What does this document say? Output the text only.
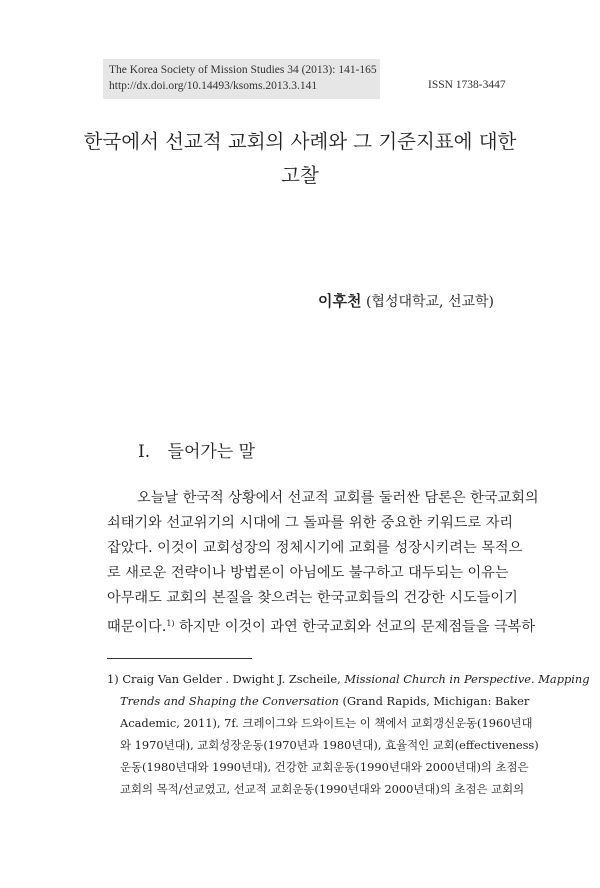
The Korea Society of Mission Studies 34 (2013): 141-165
http://dx.doi.org/10.14493/ksoms.2013.3.141	ISSN 1738-3447
한국에서 선교적 교회의 사례와 그 기준지표에 대한
고찰
이후천 (협성대학교, 선교학)
Ⅰ. 들어가는 말
오늘날 한국적 상황에서 선교적 교회를 둘러싼 담론은 한국교회의
쇠태기와 선교위기의 시대에 그 돌파를 위한 중요한 키워드로 자리
잡았다. 이것이 교회성장의 정체시기에 교회를 성장시키려는 목적으
로 새로운 전략이나 방법론이 아님에도 불구하고 대두되는 이유는
아무래도 교회의 본질을 찾으려는 한국교회들의 건강한 시도들이기
때문이다.$^{1)}$ 하지만 이것이 과연 한국교회와 선교의 문제점들을 극복하
1) Craig Van Gelder . Dwight J. Zscheile, Missional Church in Perspective. Mapping
Trends and Shaping the Conversation (Grand Rapids, Michigan: Baker
Academic, 2011), 7f. 크레이그와 드와이트는 이 책에서 교회갱신운동(1960년대
와 1970년대), 교회성장운동(1970년과 1980년대), 효율적인 교회(effectiveness)
운동(1980년대와 1990년대), 건강한 교회운동(1990년대와 2000년대)의 초점은
교회의 목적/선교였고, 선교적 교회운동(1990년대와 2000년대)의 초점은 교회의
